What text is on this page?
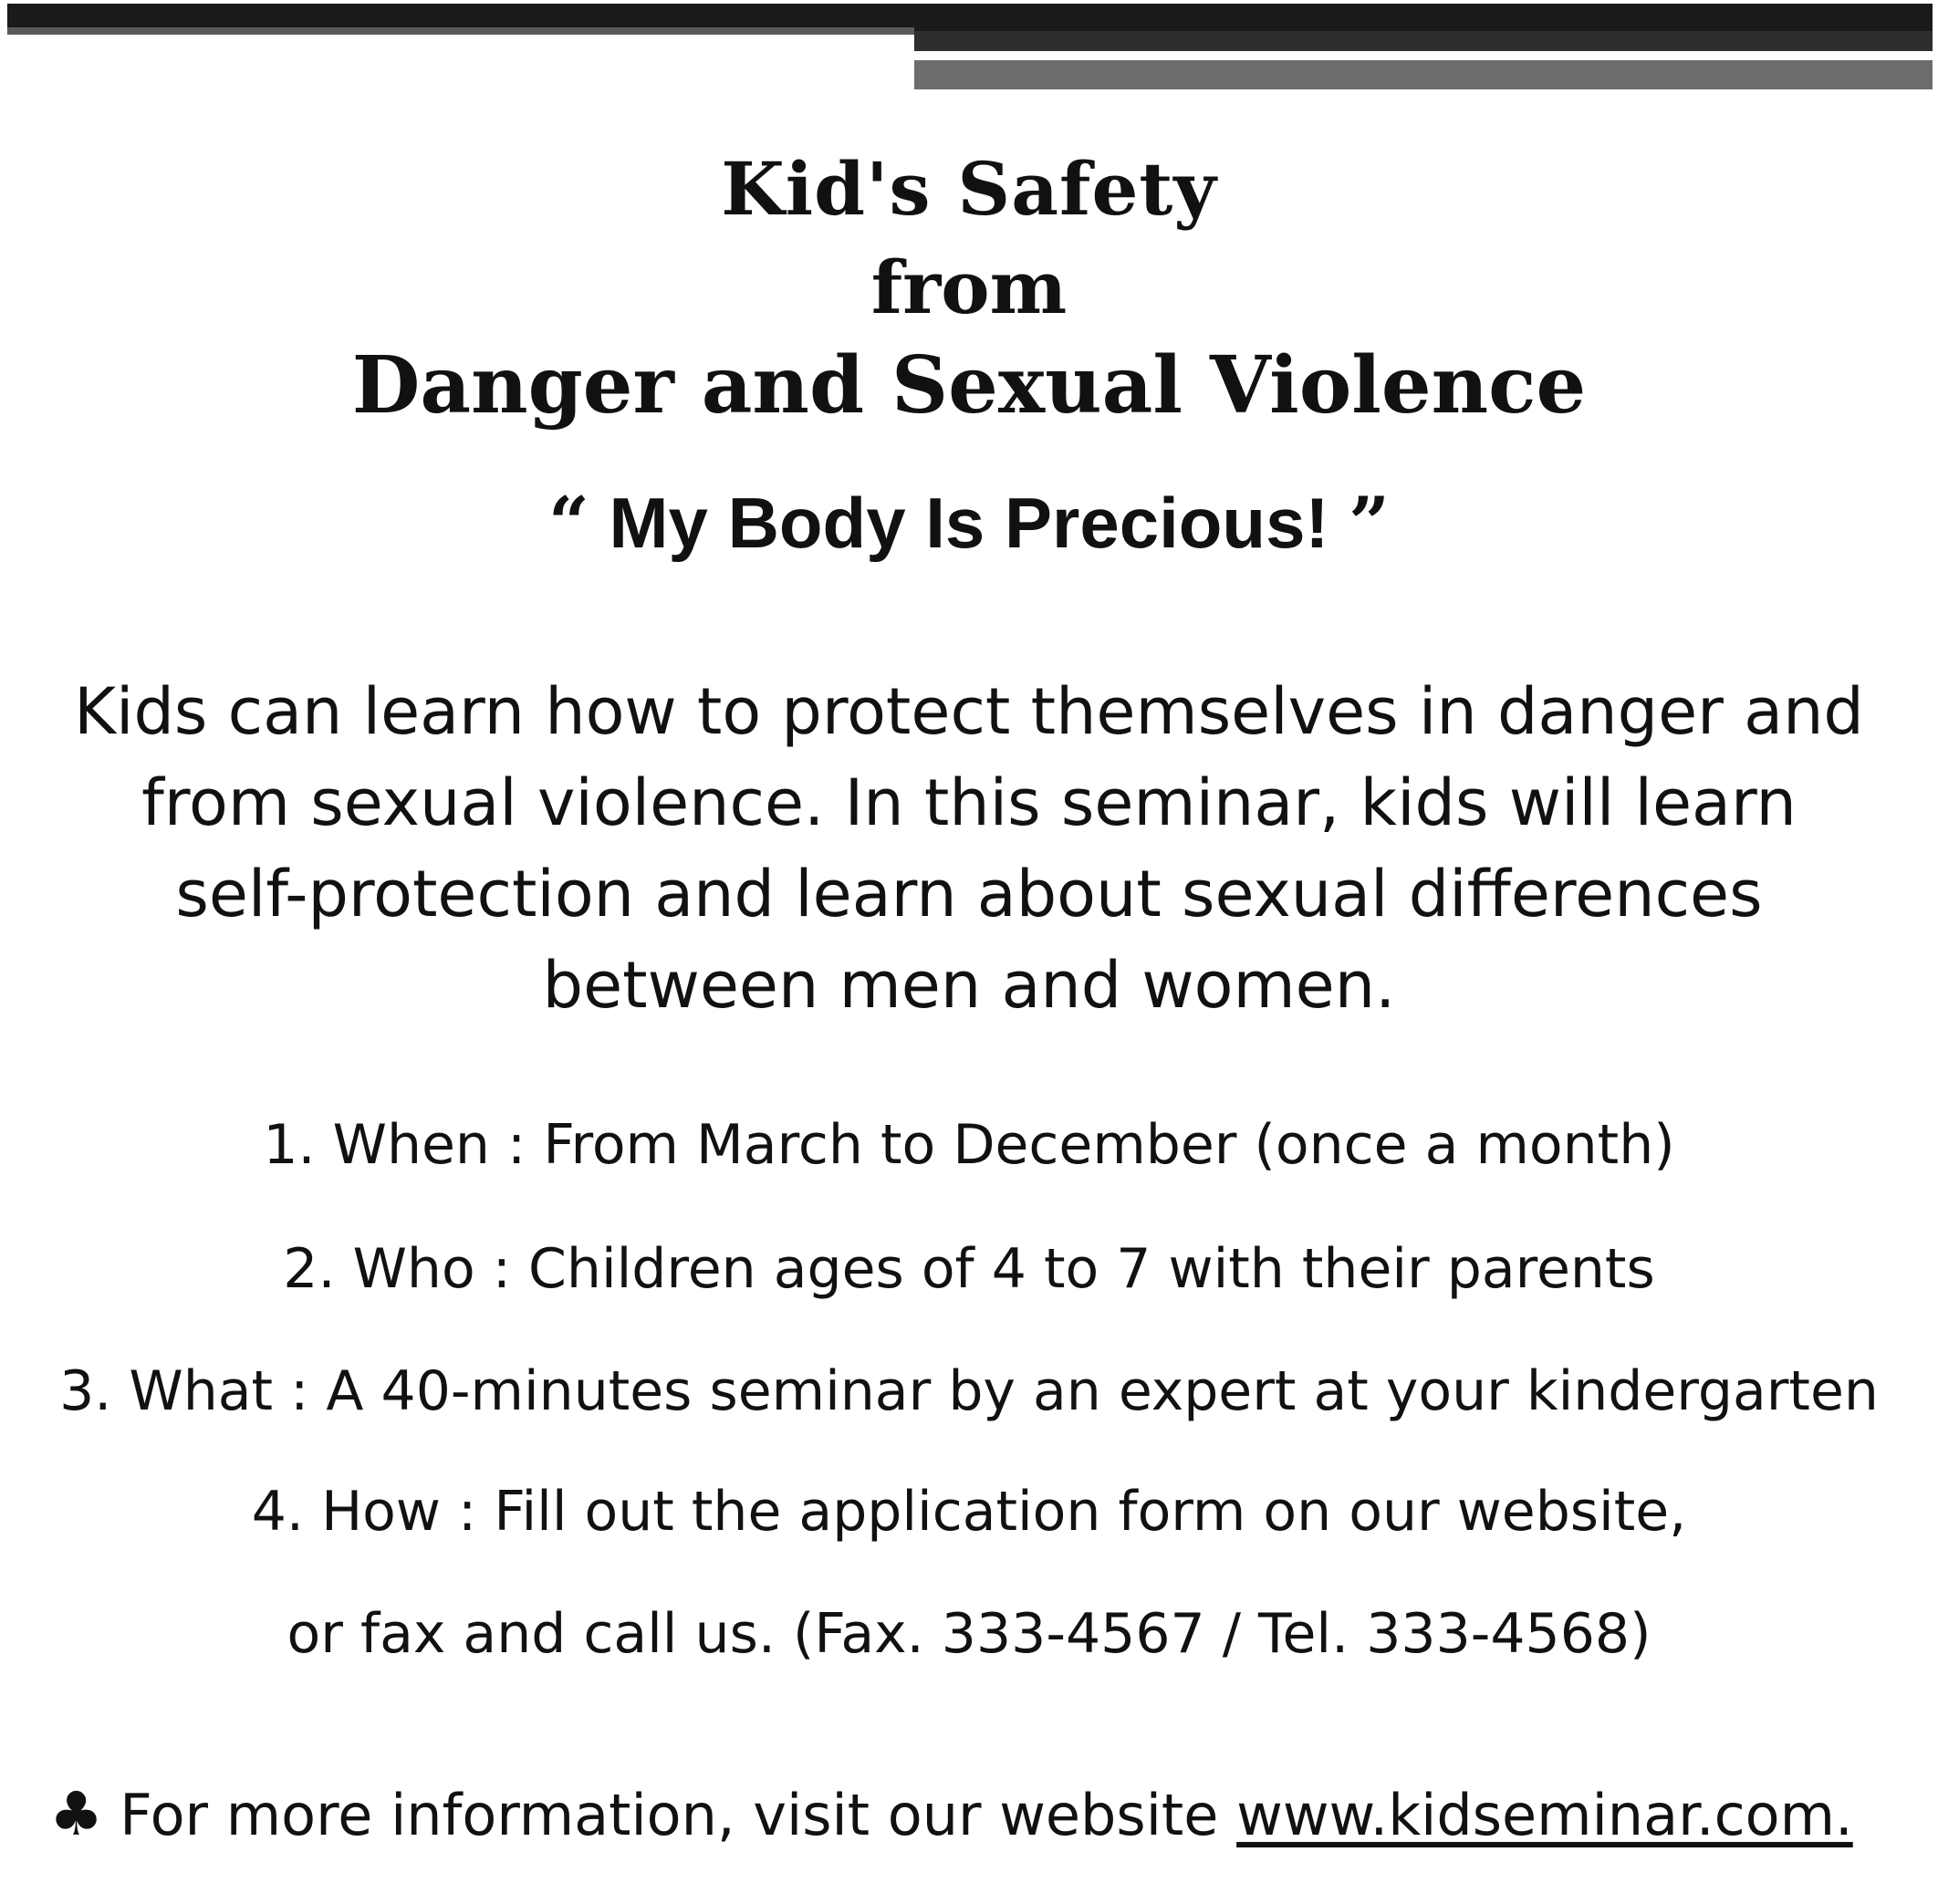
Kid's Safety
from
Danger and Sexual Violence
“ My Body Is Precious! ”
Kids can learn how to protect themselves in danger and
from sexual violence. In this seminar, kids will learn
self-protection and learn about sexual differences
between men and women.
1. When : From March to December (once a month)
2. Who : Children ages of 4 to 7 with their parents
3. What : A 40-minutes seminar by an expert at your kindergarten
4. How : Fill out the application form on our website,
or fax and call us. (Fax. 333-4567 / Tel. 333-4568)
♣ For more information, visit our website www.kidseminar.com.
